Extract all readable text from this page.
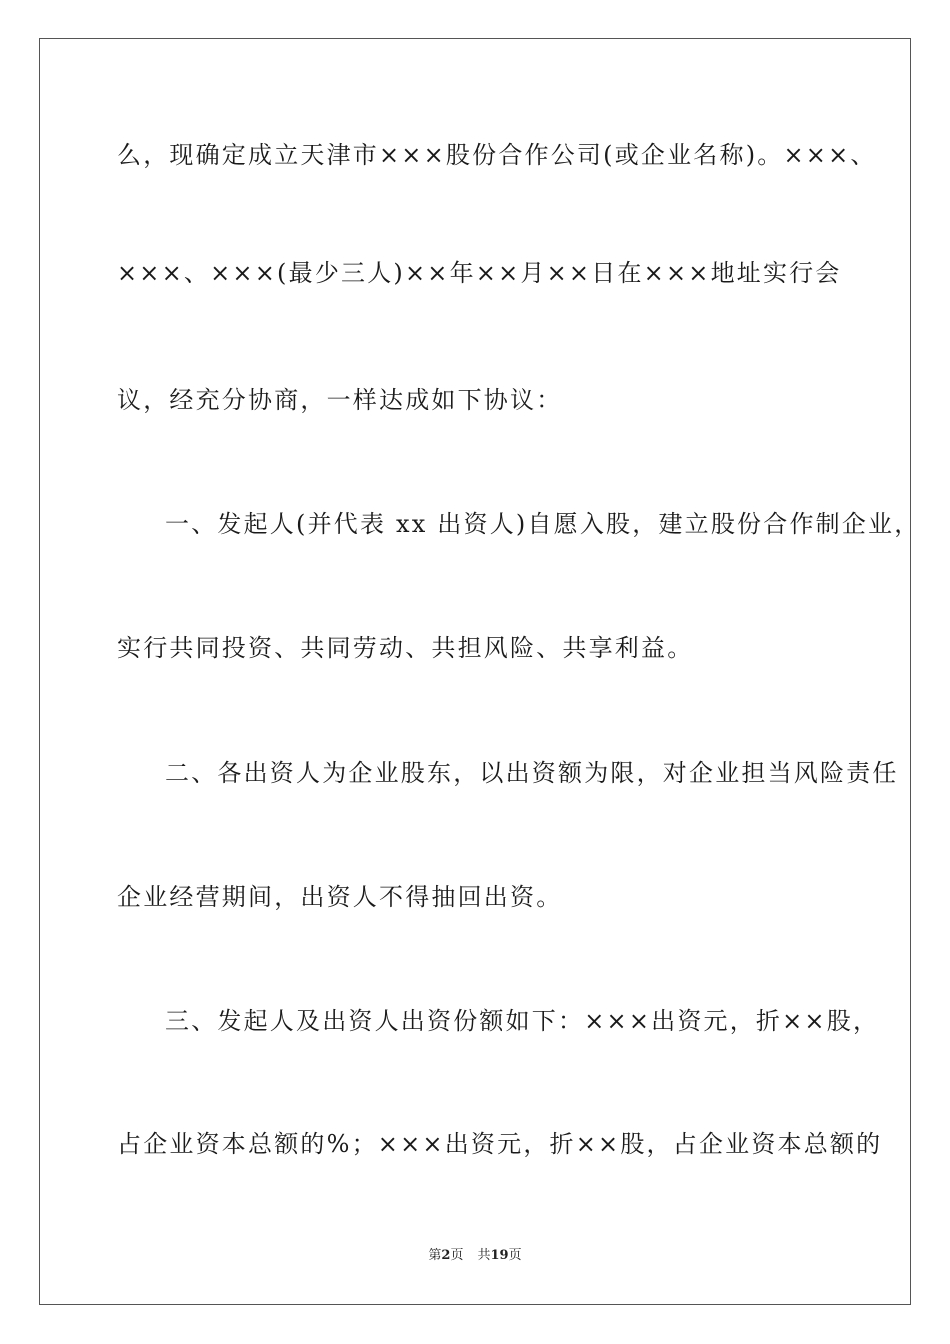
么，现确定成立天津市×××股份合作公司(或企业名称)。×××、
×××、×××(最少三人)××年××月××日在×××地址实行会
议，经充分协商，一样达成如下协议：
一、发起人(并代表 xx 出资人)自愿入股，建立股份合作制企业，
实行共同投资、共同劳动、共担风险、共享利益。
二、各出资人为企业股东，以出资额为限，对企业担当风险责任
企业经营期间，出资人不得抽回出资。
三、发起人及出资人出资份额如下：×××出资元，折××股，
占企业资本总额的%；×××出资元，折××股，占企业资本总额的
第2页 共19页
